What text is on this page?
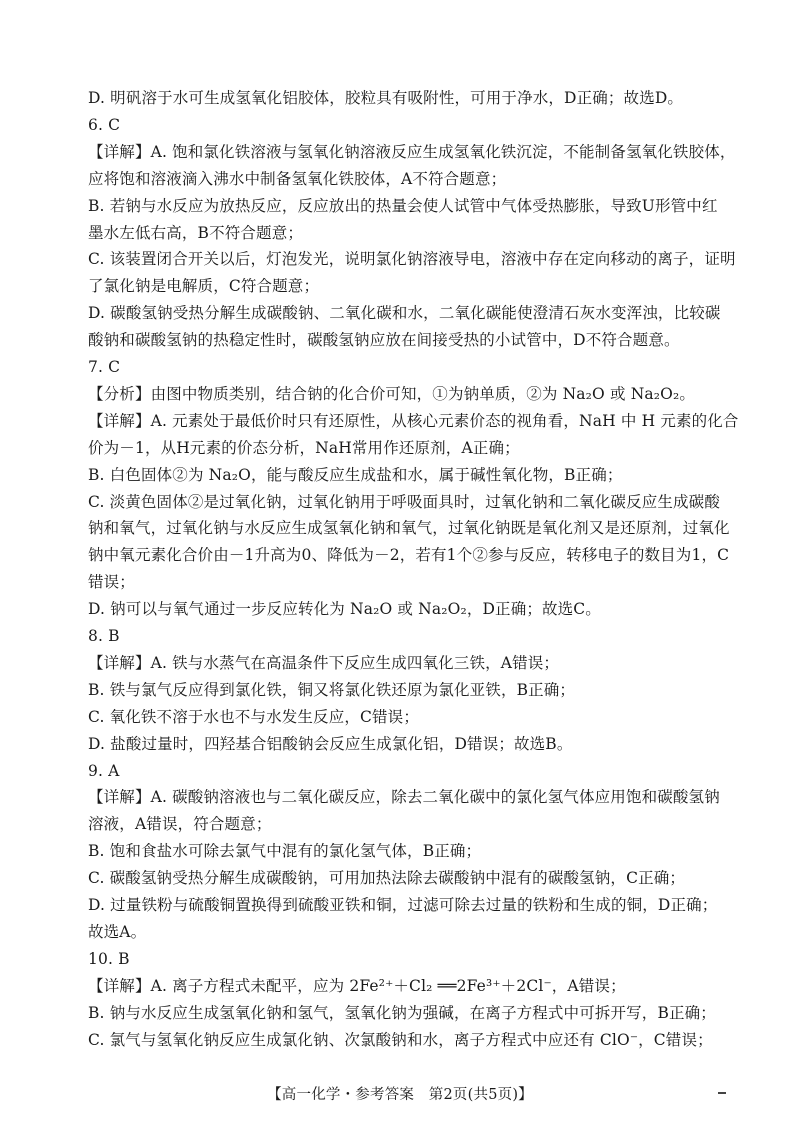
D. 明矾溶于水可生成氢氧化铝胶体，胶粒具有吸附性，可用于净水，D正确；故选D。
6. C
【详解】A. 饱和氯化铁溶液与氢氧化钠溶液反应生成氢氧化铁沉淀，不能制备氢氧化铁胶体，
应将饱和溶液滴入沸水中制备氢氧化铁胶体，A不符合题意；
B. 若钠与水反应为放热反应，反应放出的热量会使人试管中气体受热膨胀，导致U形管中红
墨水左低右高，B不符合题意；
C. 该装置闭合开关以后，灯泡发光，说明氯化钠溶液导电，溶液中存在定向移动的离子，证明
了氯化钠是电解质，C符合题意；
D. 碳酸氢钠受热分解生成碳酸钠、二氧化碳和水，二氧化碳能使澄清石灰水变浑浊，比较碳
酸钠和碳酸氢钠的热稳定性时，碳酸氢钠应放在间接受热的小试管中，D不符合题意。
7. C
【分析】由图中物质类别，结合钠的化合价可知，①为钠单质，②为 Na₂O 或 Na₂O₂。
【详解】A. 元素处于最低价时只有还原性，从核心元素价态的视角看，NaH 中 H 元素的化合
价为－1，从H元素的价态分析，NaH常用作还原剂，A正确；
B. 白色固体②为 Na₂O，能与酸反应生成盐和水，属于碱性氧化物，B正确；
C. 淡黄色固体②是过氧化钠，过氧化钠用于呼吸面具时，过氧化钠和二氧化碳反应生成碳酸
钠和氧气，过氧化钠与水反应生成氢氧化钠和氧气，过氧化钠既是氧化剂又是还原剂，过氧化
钠中氧元素化合价由－1升高为0、降低为－2，若有1个②参与反应，转移电子的数目为1，C
错误；
D. 钠可以与氧气通过一步反应转化为 Na₂O 或 Na₂O₂，D正确；故选C。
8. B
【详解】A. 铁与水蒸气在高温条件下反应生成四氧化三铁，A错误；
B. 铁与氯气反应得到氯化铁，铜又将氯化铁还原为氯化亚铁，B正确；
C. 氧化铁不溶于水也不与水发生反应，C错误；
D. 盐酸过量时，四羟基合铝酸钠会反应生成氯化铝，D错误；故选B。
9. A
【详解】A. 碳酸钠溶液也与二氧化碳反应，除去二氧化碳中的氯化氢气体应用饱和碳酸氢钠
溶液，A错误，符合题意；
B. 饱和食盐水可除去氯气中混有的氯化氢气体，B正确；
C. 碳酸氢钠受热分解生成碳酸钠，可用加热法除去碳酸钠中混有的碳酸氢钠，C正确；
D. 过量铁粉与硫酸铜置换得到硫酸亚铁和铜，过滤可除去过量的铁粉和生成的铜，D正确；
故选A。
10. B
【详解】A. 离子方程式未配平，应为 2Fe²⁺＋Cl₂ ══2Fe³⁺＋2Cl⁻，A错误；
【高一化学・参考答案　第2页(共5页)】
B. 钠与水反应生成氢氧化钠和氢气，氢氧化钠为强碱，在离子方程式中可拆开写，B正确；
C. 氯气与氢氧化钠反应生成氯化钠、次氯酸钠和水，离子方程式中应还有 ClO⁻，C错误；
